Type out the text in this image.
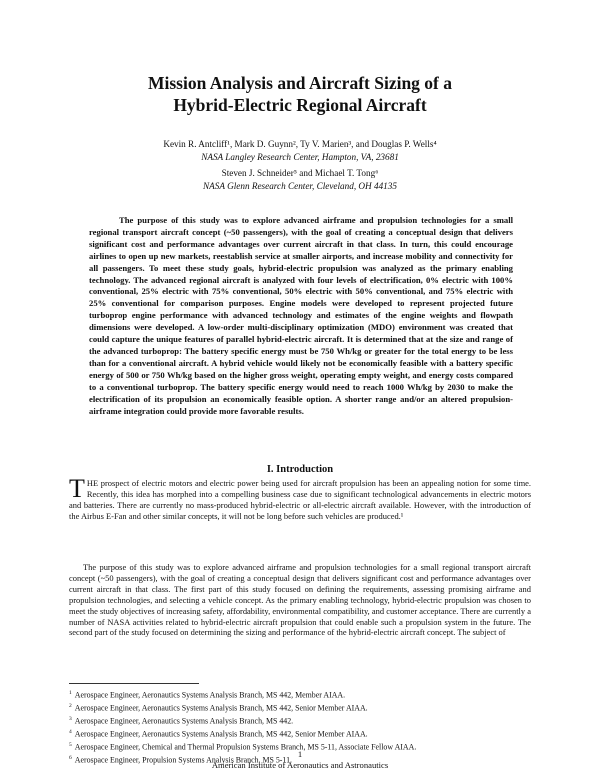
Mission Analysis and Aircraft Sizing of a
Hybrid-Electric Regional Aircraft
Kevin R. Antcliff¹, Mark D. Guynn², Ty V. Marien³, and Douglas P. Wells⁴
NASA Langley Research Center, Hampton, VA, 23681
Steven J. Schneider⁵ and Michael T. Tong⁶
NASA Glenn Research Center, Cleveland, OH 44135

The purpose of this study was to explore advanced airframe and propulsion technologies for a small regional transport aircraft concept (~50 passengers), with the goal of creating a conceptual design that delivers significant cost and performance advantages over current aircraft in that class. In turn, this could encourage airlines to open up new markets, reestablish service at smaller airports, and increase mobility and connectivity for all passengers. To meet these study goals, hybrid-electric propulsion was analyzed as the primary enabling technology. The advanced regional aircraft is analyzed with four levels of electrification, 0% electric with 100% conventional, 25% electric with 75% conventional, 50% electric with 50% conventional, and 75% electric with 25% conventional for comparison purposes. Engine models were developed to represent projected future turboprop engine performance with advanced technology and estimates of the engine weights and flowpath dimensions were developed. A low-order multi-disciplinary optimization (MDO) environment was created that could capture the unique features of parallel hybrid-electric aircraft. It is determined that at the size and range of the advanced turboprop: The battery specific energy must be 750 Wh/kg or greater for the total energy to be less than for a conventional aircraft. A hybrid vehicle would likely not be economically feasible with a battery specific energy of 500 or 750 Wh/kg based on the higher gross weight, operating empty weight, and energy costs compared to a conventional turboprop. The battery specific energy would need to reach 1000 Wh/kg by 2030 to make the electrification of its propulsion an economically feasible option. A shorter range and/or an altered propulsion-airframe integration could provide more favorable results.

I. Introduction

THE prospect of electric motors and electric power being used for aircraft propulsion has been an appealing notion for some time. Recently, this idea has morphed into a compelling business case due to significant technological advancements in electric motors and batteries. There are currently no mass-produced hybrid-electric or all-electric aircraft available. However, with the introduction of the Airbus E-Fan and other similar concepts, it will not be long before such vehicles are produced.¹

The purpose of this study was to explore advanced airframe and propulsion technologies for a small regional transport aircraft concept (~50 passengers), with the goal of creating a conceptual design that delivers significant cost and performance advantages over current aircraft in that class. The first part of this study focused on defining the requirements, assessing promising airframe and propulsion technologies, and selecting a vehicle concept. As the primary enabling technology, hybrid-electric propulsion was chosen to meet the study objectives of increasing safety, affordability, environmental compatibility, and customer acceptance. There are currently a number of NASA activities related to hybrid-electric aircraft propulsion that could enable such a propulsion system in the future. The second part of the study focused on determining the sizing and performance of the hybrid-electric aircraft concept. The subject of

$^1$ Aerospace Engineer, Aeronautics Systems Analysis Branch, MS 442, Member AIAA.
$^2$ Aerospace Engineer, Aeronautics Systems Analysis Branch, MS 442, Senior Member AIAA.
$^3$ Aerospace Engineer, Aeronautics Systems Analysis Branch, MS 442.
$^4$ Aerospace Engineer, Aeronautics Systems Analysis Branch, MS 442, Senior Member AIAA.
$^5$ Aerospace Engineer, Chemical and Thermal Propulsion Systems Branch, MS 5-11, Associate Fellow AIAA.
$^6$ Aerospace Engineer, Propulsion Systems Analysis Branch, MS 5-11.
1
American Institute of Aeronautics and Astronautics
